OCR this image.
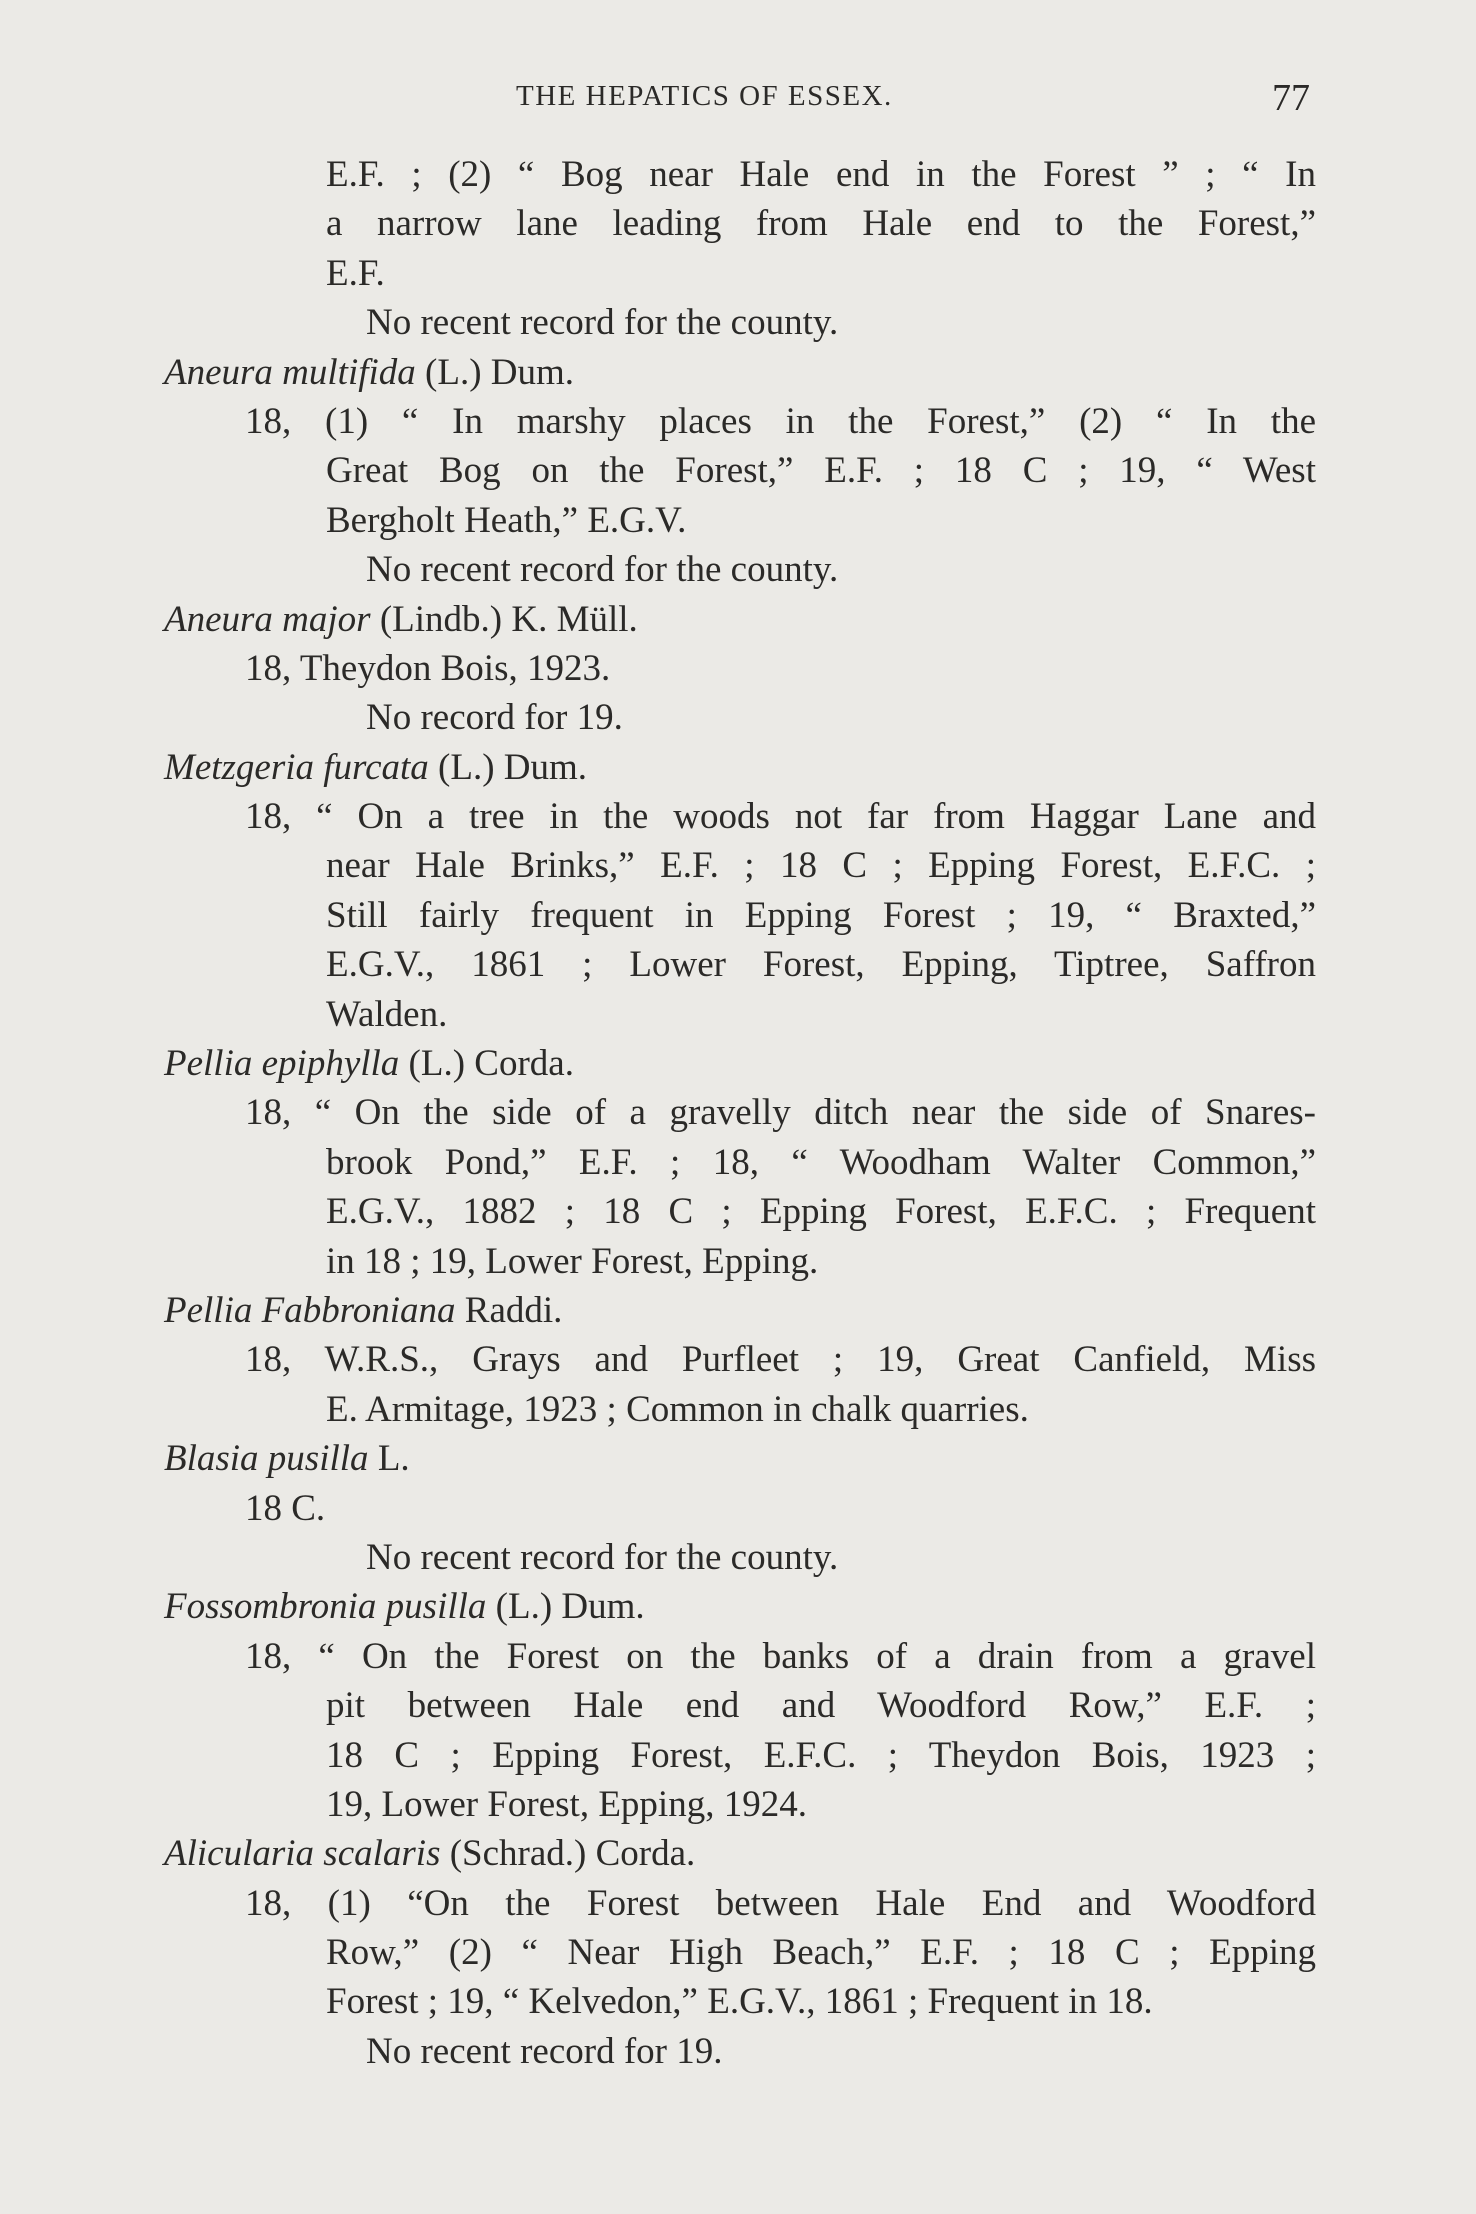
THE HEPATICS OF ESSEX.	77
E.F. ; (2) “ Bog near Hale end in the Forest ” ; “ In
a narrow lane leading from Hale end to the Forest,”
E.F.
No recent record for the county.
Aneura multifida (L.) Dum.
18, (1) “ In marshy places in the Forest,” (2) “ In the
Great Bog on the Forest,” E.F. ; 18 C ; 19, “ West
Bergholt Heath,” E.G.V.
No recent record for the county.
Aneura major (Lindb.) K. Müll.
18, Theydon Bois, 1923.
No record for 19.
Metzgeria furcata (L.) Dum.
18, “ On a tree in the woods not far from Haggar Lane and
near Hale Brinks,” E.F. ; 18 C ; Epping Forest, E.F.C. ;
Still fairly frequent in Epping Forest ; 19, “ Braxted,”
E.G.V., 1861 ; Lower Forest, Epping, Tiptree, Saffron
Walden.
Pellia epiphylla (L.) Corda.
18, “ On the side of a gravelly ditch near the side of Snares-
brook Pond,” E.F. ; 18, “ Woodham Walter Common,”
E.G.V., 1882 ; 18 C ; Epping Forest, E.F.C. ; Frequent
in 18 ; 19, Lower Forest, Epping.
Pellia Fabbroniana Raddi.
18, W.R.S., Grays and Purfleet ; 19, Great Canfield, Miss
E. Armitage, 1923 ; Common in chalk quarries.
Blasia pusilla L.
18 C.
No recent record for the county.
Fossombronia pusilla (L.) Dum.
18, “ On the Forest on the banks of a drain from a gravel
pit between Hale end and Woodford Row,” E.F. ;
18 C ; Epping Forest, E.F.C. ; Theydon Bois, 1923 ;
19, Lower Forest, Epping, 1924.
Alicularia scalaris (Schrad.) Corda.
18, (1) “On the Forest between Hale End and Woodford
Row,” (2) “ Near High Beach,” E.F. ; 18 C ; Epping
Forest ; 19, “ Kelvedon,” E.G.V., 1861 ; Frequent in 18.
No recent record for 19.
